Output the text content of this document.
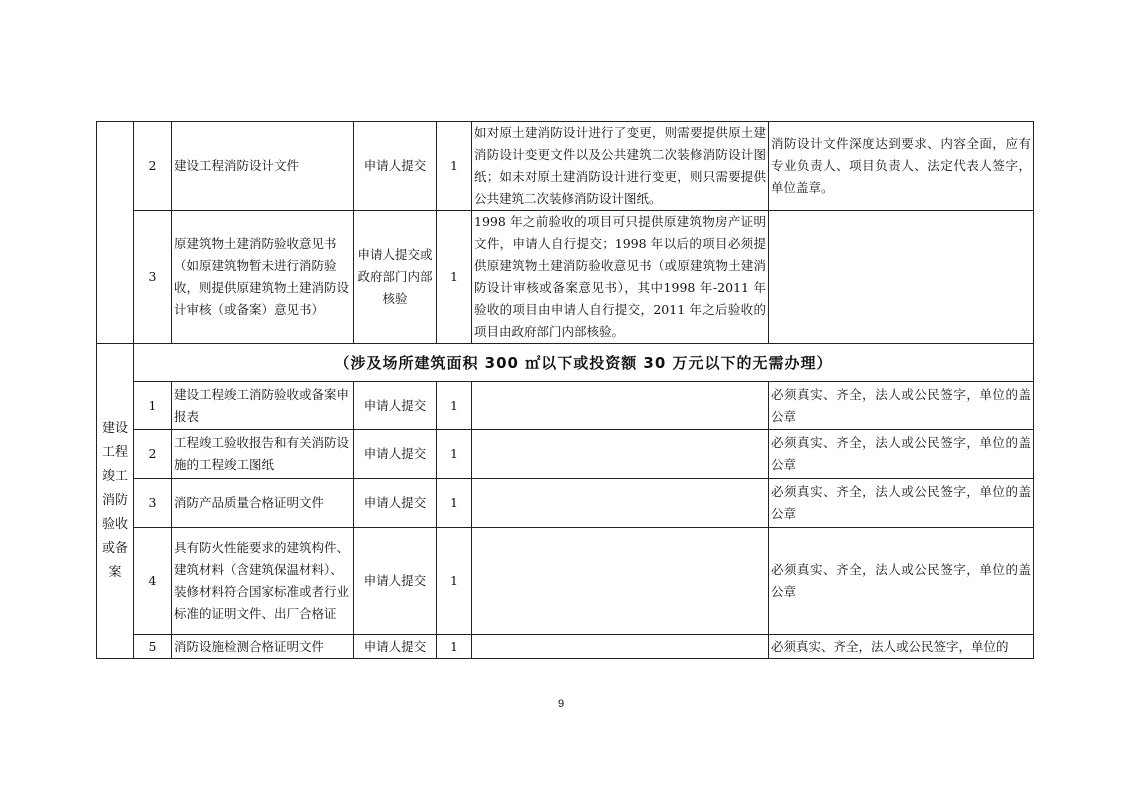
	2	建设工程消防设计文件	申请人提交	1	如对原土建消防设计进行了变更，则需要提供原土建消防设计变更文件以及公共建筑二次装修消防设计图纸；如未对原土建消防设计进行变更，则只需要提供公共建筑二次装修消防设计图纸。	消防设计文件深度达到要求、内容全面，应有专业负责人、项目负责人、法定代表人签字，单位盖章。
	3	原建筑物土建消防验收意见书（如原建筑物暂未进行消防验收，则提供原建筑物土建消防设计审核（或备案）意见书）	申请人提交或政府部门内部核验	1	1998 年之前验收的项目可只提供原建筑物房产证明文件，申请人自行提交；1998 年以后的项目必须提供原建筑物土建消防验收意见书（或原建筑物土建消防设计审核或备案意见书），其中1998 年-2011 年验收的项目由申请人自行提交，2011 年之后验收的项目由政府部门内部核验。	
建设工程竣工消防验收或备案	（涉及场所建筑面积 300 ㎡以下或投资额 30 万元以下的无需办理）					
	1	建设工程竣工消防验收或备案申报表	申请人提交	1		必须真实、齐全，法人或公民签字，单位的盖公章
	2	工程竣工验收报告和有关消防设施的工程竣工图纸	申请人提交	1		必须真实、齐全，法人或公民签字，单位的盖公章
	3	消防产品质量合格证明文件	申请人提交	1		必须真实、齐全，法人或公民签字，单位的盖公章
	4	具有防火性能要求的建筑构件、建筑材料（含建筑保温材料）、装修材料符合国家标准或者行业标准的证明文件、出厂合格证	申请人提交	1		必须真实、齐全，法人或公民签字，单位的盖公章
	5	消防设施检测合格证明文件	申请人提交	1		必须真实、齐全，法人或公民签字，单位的
9
